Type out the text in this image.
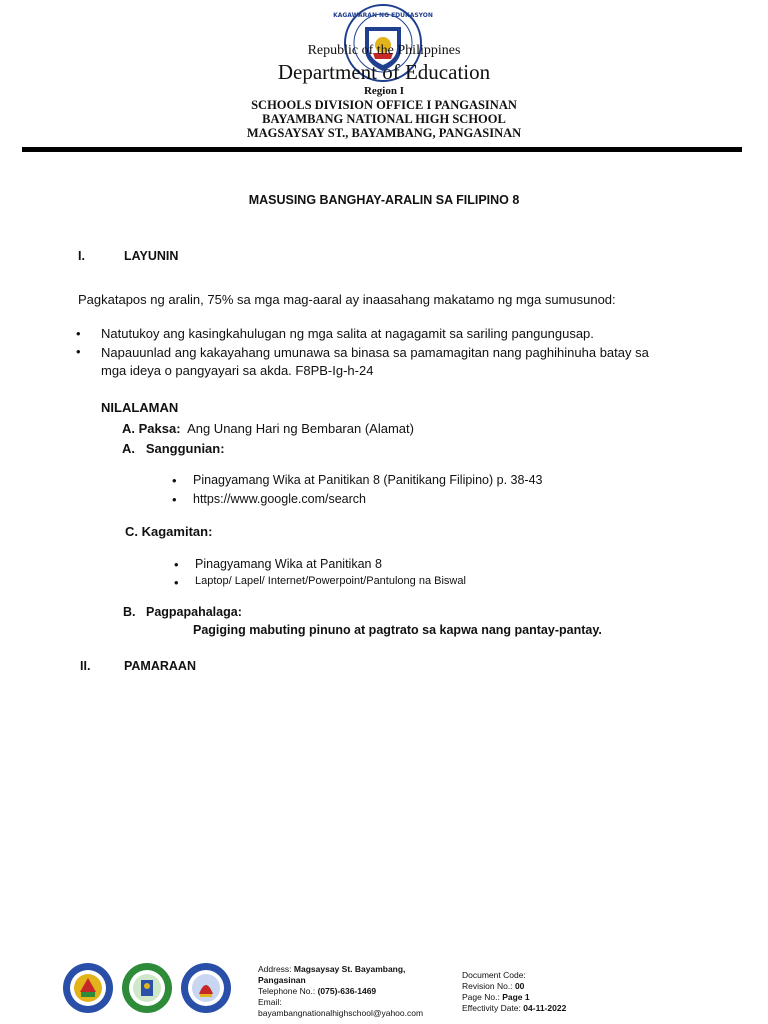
KAGAWARAN NG EDUKASYON
Republic of the Philippines
Department of Education
Region I
SCHOOLS DIVISION OFFICE I PANGASINAN
BAYAMBANG NATIONAL HIGH SCHOOL
MAGSAYSAY ST., BAYAMBANG, PANGASINAN
MASUSING BANGHAY-ARALIN SA FILIPINO 8
I.	LAYUNIN
Pagkatapos ng aralin, 75% sa mga mag-aaral ay inaasahang makatamo ng mga sumusunod:
• Natutukoy ang kasingkahulugan ng mga salita at nagagamit sa sariling pangungusap.
• Napauunlad ang kakayahang umunawa sa binasa sa pamamagitan nang paghihinuha batay sa
mga ideya o pangyayari sa akda. F8PB-Ig-h-24
NILALAMAN
A. Paksa: Ang Unang Hari ng Bembaran (Alamat)
A.   Sanggunian:
• Pinagyamang Wika at Panitikan 8 (Panitikang Filipino) p. 38-43
• https://www.google.com/search
C. Kagamitan:
• Pinagyamang Wika at Panitikan 8
• Laptop/ Lapel/ Internet/Powerpoint/Pantulong na Biswal
B. Pagpapahalaga:
Pagiging mabuting pinuno at pagtrato sa kapwa nang pantay-pantay.
II.	PAMARAAN
Address: Magsaysay St. Bayambang,
Pangasinan
Telephone No.: (075)-636-1469
Email:
bayambangnationalhighschool@yahoo.com
Document Code:
Revision No.: 00
Page No.: Page 1
Effectivity Date: 04-11-2022
